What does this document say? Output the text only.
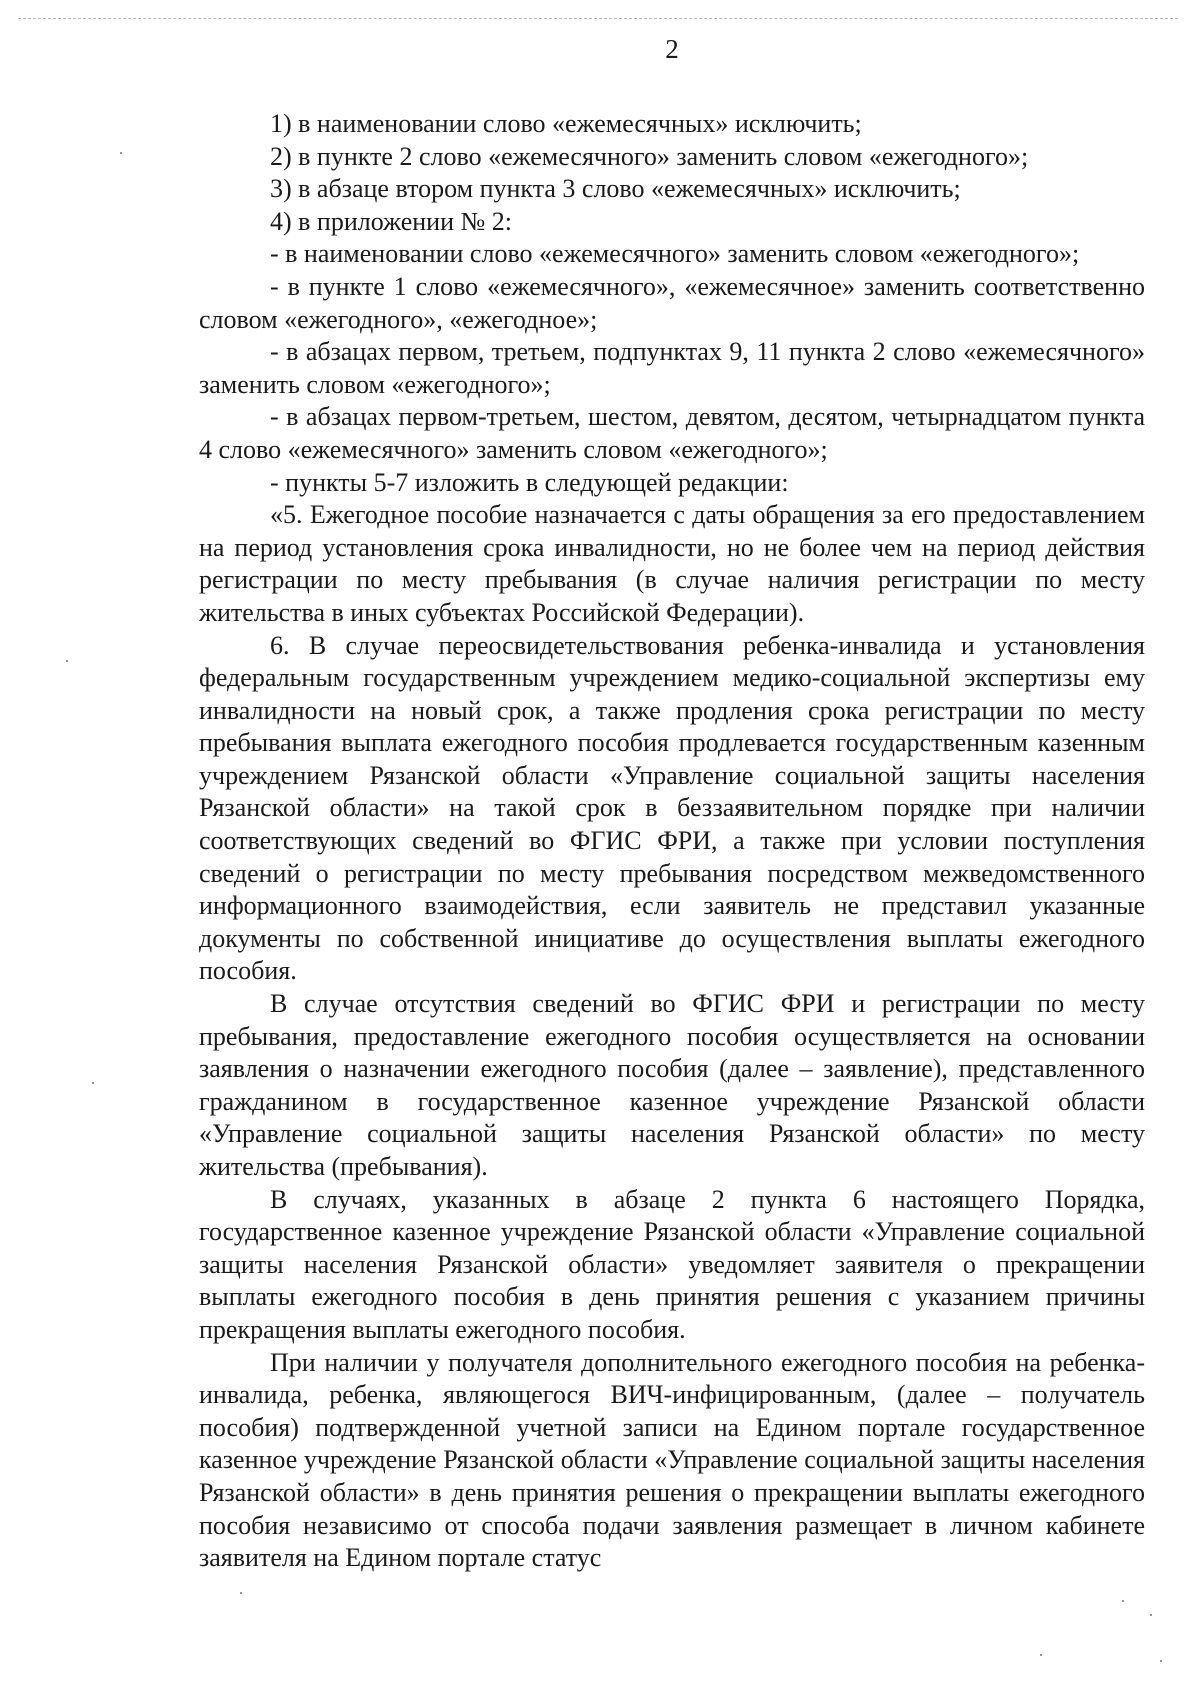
2

1) в наименовании слово «ежемесячных» исключить;

2) в пункте 2 слово «ежемесячного» заменить словом «ежегодного»;

3) в абзаце втором пункта 3 слово «ежемесячных» исключить;

4) в приложении № 2:

- в наименовании слово «ежемесячного» заменить словом «ежегодного»;

- в пункте 1 слово «ежемесячного», «ежемесячное» заменить соответственно словом «ежегодного», «ежегодное»;

- в абзацах первом, третьем, подпунктах 9, 11 пункта 2 слово «ежемесячного» заменить словом «ежегодного»;

- в абзацах первом-третьем, шестом, девятом, десятом, четырнадцатом пункта 4 слово «ежемесячного» заменить словом «ежегодного»;

- пункты 5-7 изложить в следующей редакции:

«5. Ежегодное пособие назначается с даты обращения за его предоставлением на период установления срока инвалидности, но не более чем на период действия регистрации по месту пребывания (в случае наличия регистрации по месту жительства в иных субъектах Российской Федерации).

6. В случае переосвидетельствования ребенка-инвалида и установления федеральным государственным учреждением медико-социальной экспертизы ему инвалидности на новый срок, а также продления срока регистрации по месту пребывания выплата ежегодного пособия продлевается государственным казенным учреждением Рязанской области «Управление социальной защиты населения Рязанской области» на такой срок в беззаявительном порядке при наличии соответствующих сведений во ФГИС ФРИ, а также при условии поступления сведений о регистрации по месту пребывания посредством межведомственного информационного взаимодействия, если заявитель не представил указанные документы по собственной инициативе до осуществления выплаты ежегодного пособия.

В случае отсутствия сведений во ФГИС ФРИ и регистрации по месту пребывания, предоставление ежегодного пособия осуществляется на основании заявления о назначении ежегодного пособия (далее – заявление), представленного гражданином в государственное казенное учреждение Рязанской области «Управление социальной защиты населения Рязанской области» по месту жительства (пребывания).

В случаях, указанных в абзаце 2 пункта 6 настоящего Порядка, государственное казенное учреждение Рязанской области «Управление социальной защиты населения Рязанской области» уведомляет заявителя о прекращении выплаты ежегодного пособия в день принятия решения с указанием причины прекращения выплаты ежегодного пособия.

При наличии у получателя дополнительного ежегодного пособия на ребенка-инвалида, ребенка, являющегося ВИЧ-инфицированным, (далее – получатель пособия) подтвержденной учетной записи на Едином портале государственное казенное учреждение Рязанской области «Управление социальной защиты населения Рязанской области» в день принятия решения о прекращении выплаты ежегодного пособия независимо от способа подачи заявления размещает в личном кабинете заявителя на Едином портале статус
